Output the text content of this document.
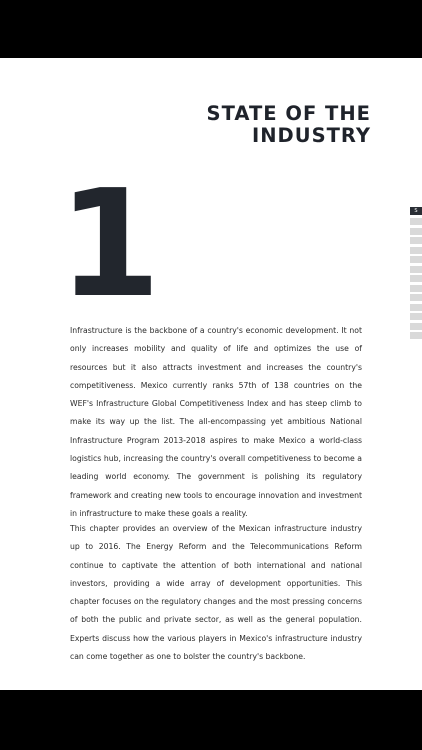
STATE OF THE
INDUSTRY
1	S

Infrastructure is the backbone of a country's economic development. It not only increases mobility and quality of life and optimizes the use of resources but it also attracts investment and increases the country's competitiveness. Mexico currently ranks 57th of 138 countries on the WEF's Infrastructure Global Competitiveness Index and has steep climb to make its way up the list. The all-encompassing yet ambitious National Infrastructure Program 2013-2018 aspires to make Mexico a world-class logistics hub, increasing the country's overall competitiveness to become a leading world economy. The government is polishing its regulatory framework and creating new tools to encourage innovation and investment in infrastructure to make these goals a reality.

This chapter provides an overview of the Mexican infrastructure industry up to 2016. The Energy Reform and the Telecommunications Reform continue to captivate the attention of both international and national investors, providing a wide array of development opportunities. This chapter focuses on the regulatory changes and the most pressing concerns of both the public and private sector, as well as the general population. Experts discuss how the various players in Mexico's infrastructure industry can come together as one to bolster the country's backbone.
